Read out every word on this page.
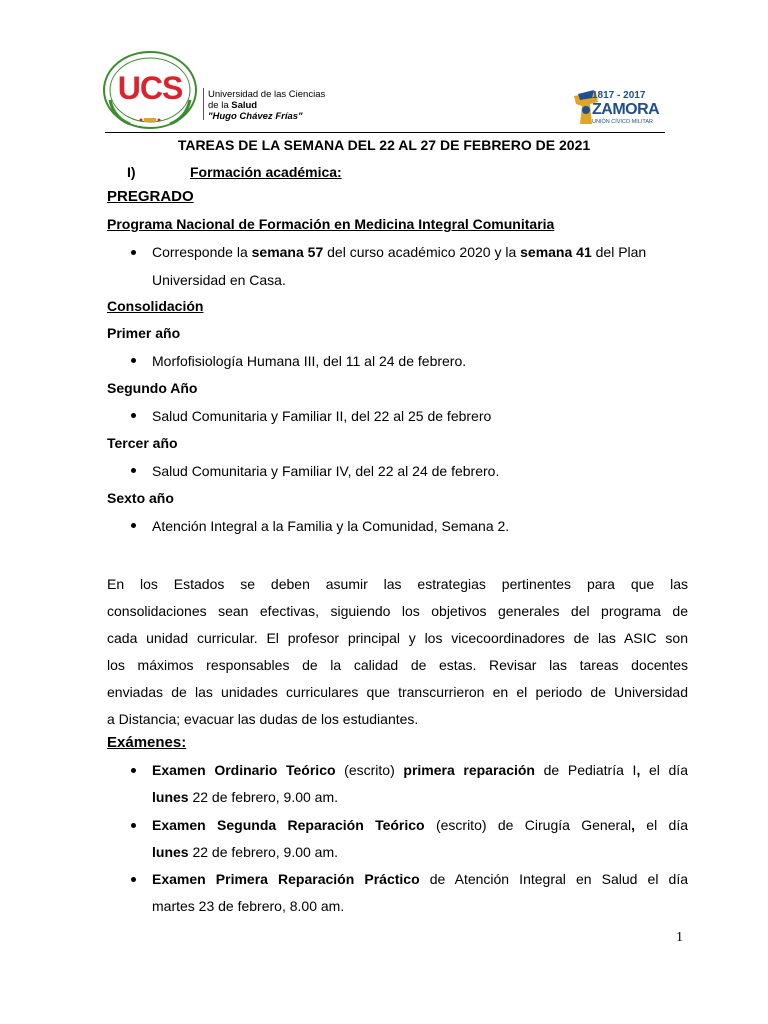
UCS	Universidad de las Ciencias
de la Salud
"Hugo Chávez Frías"
1817 - 2017
ZAMORA
UNIÓN CÍVICO MILITAR
TAREAS DE LA SEMANA DEL 22 AL 27 DE FEBRERO DE 2021
I)	Formación académica:
PREGRADO
Programa Nacional de Formación en Medicina Integral Comunitaria
Corresponde la semana 57 del curso académico 2020 y la semana 41 del Plan
Universidad en Casa.
Consolidación
Primer año
Morfofisiología Humana III, del 11 al 24 de febrero.
Segundo Año
Salud Comunitaria y Familiar II, del 22 al 25 de febrero
Tercer año
Salud Comunitaria y Familiar IV, del 22 al 24 de febrero.
Sexto año
Atención Integral a la Familia y la Comunidad, Semana 2.
En los Estados se deben asumir las estrategias pertinentes para que las
consolidaciones sean efectivas, siguiendo los objetivos generales del programa de
cada unidad curricular. El profesor principal y los vicecoordinadores de las ASIC son
los máximos responsables de la calidad de estas. Revisar las tareas docentes
enviadas de las unidades curriculares que transcurrieron en el periodo de Universidad
a Distancia; evacuar las dudas de los estudiantes.
Exámenes:
Examen Ordinario Teórico (escrito) primera reparación de Pediatría I, el día
lunes 22 de febrero, 9.00 am.
Examen Segunda Reparación Teórico (escrito) de Cirugía General, el día
lunes 22 de febrero, 9.00 am.
Examen Primera Reparación Práctico de Atención Integral en Salud el día
martes 23 de febrero, 8.00 am.
1
